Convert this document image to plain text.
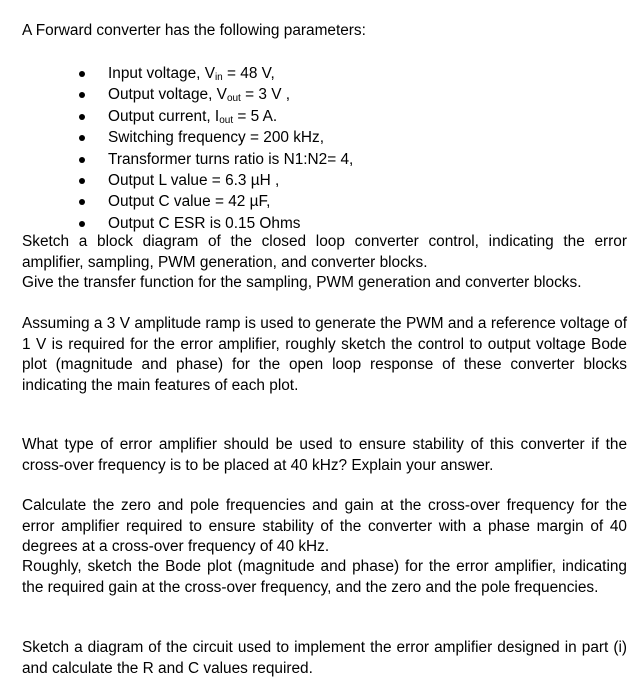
A Forward converter has the following parameters:
Input voltage, $V_{in} = 48$ V,
Output voltage, $V_{out} = 3$ V ,
Output current, $I_{out} = 5$ A.
Switching frequency = 200 kHz,
Transformer turns ratio is N1:N2= 4,
Output L value = 6.3 µH ,
Output C value = 42 µF,
Output C ESR is 0.15 Ohms

Sketch a block diagram of the closed loop converter control, indicating the error amplifier, sampling, PWM generation, and converter blocks.

Give the transfer function for the sampling, PWM generation and converter blocks.

Assuming a 3 V amplitude ramp is used to generate the PWM and a reference voltage of 1 V is required for the error amplifier, roughly sketch the control to output voltage Bode plot (magnitude and phase) for the open loop response of these converter blocks indicating the main features of each plot.

What type of error amplifier should be used to ensure stability of this converter if the cross-over frequency is to be placed at 40 kHz? Explain your answer.

Calculate the zero and pole frequencies and gain at the cross-over frequency for the error amplifier required to ensure stability of the converter with a phase margin of 40 degrees at a cross-over frequency of 40 kHz.

Roughly, sketch the Bode plot (magnitude and phase) for the error amplifier, indicating the required gain at the cross-over frequency, and the zero and the pole frequencies.

Sketch a diagram of the circuit used to implement the error amplifier designed in part (i) and calculate the R and C values required.
